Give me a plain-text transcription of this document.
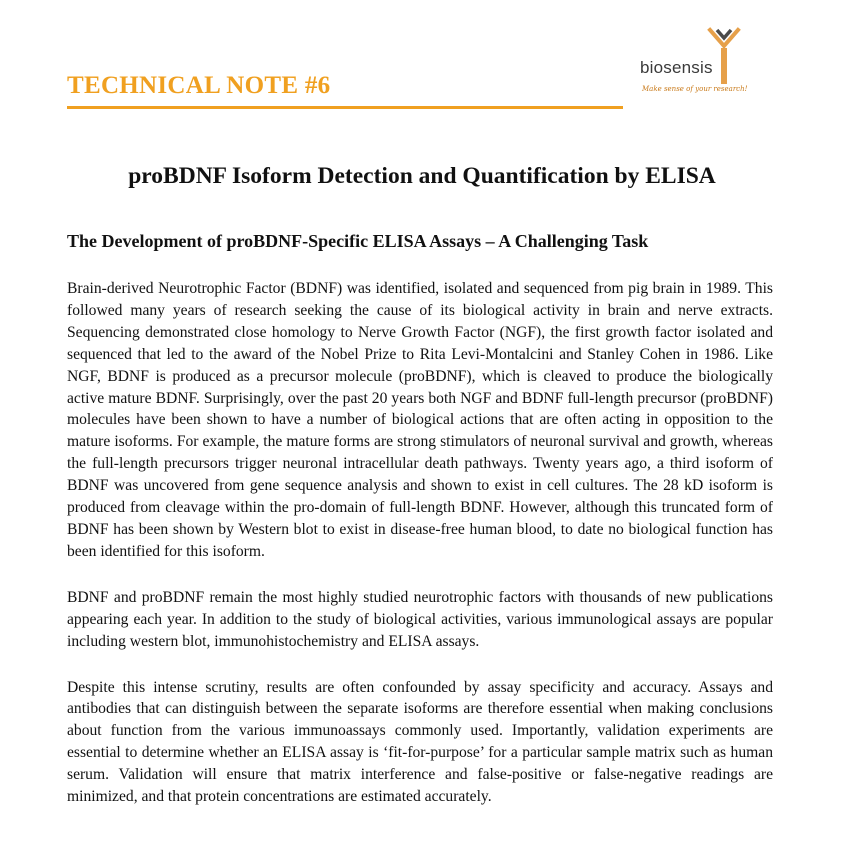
TECHNICAL NOTE #6
biosensis
Make sense of your research!
proBDNF Isoform Detection and Quantification by ELISA
The Development of proBDNF-Specific ELISA Assays – A Challenging Task

Brain-derived Neurotrophic Factor (BDNF) was identified, isolated and sequenced from pig brain in 1989. This followed many years of research seeking the cause of its biological activity in brain and nerve extracts. Sequencing demonstrated close homology to Nerve Growth Factor (NGF), the first growth factor isolated and sequenced that led to the award of the Nobel Prize to Rita Levi-Montalcini and Stanley Cohen in 1986. Like NGF, BDNF is produced as a precursor molecule (proBDNF), which is cleaved to produce the biologically active mature BDNF. Surprisingly, over the past 20 years both NGF and BDNF full-length precursor (proBDNF) molecules have been shown to have a number of biological actions that are often acting in opposition to the mature isoforms. For example, the mature forms are strong stimulators of neuronal survival and growth, whereas the full-length precursors trigger neuronal intracellular death pathways. Twenty years ago, a third isoform of BDNF was uncovered from gene sequence analysis and shown to exist in cell cultures. The 28 kD isoform is produced from cleavage within the pro-domain of full-length BDNF. However, although this truncated form of BDNF has been shown by Western blot to exist in disease-free human blood, to date no biological function has been identified for this isoform.

BDNF and proBDNF remain the most highly studied neurotrophic factors with thousands of new publications appearing each year. In addition to the study of biological activities, various immunological assays are popular including western blot, immunohistochemistry and ELISA assays.

Despite this intense scrutiny, results are often confounded by assay specificity and accuracy. Assays and antibodies that can distinguish between the separate isoforms are therefore essential when making conclusions about function from the various immunoassays commonly used. Importantly, validation experiments are essential to determine whether an ELISA assay is ‘fit-for-purpose’ for a particular sample matrix such as human serum. Validation will ensure that matrix interference and false-positive or false-negative readings are minimized, and that protein concentrations are estimated accurately.
